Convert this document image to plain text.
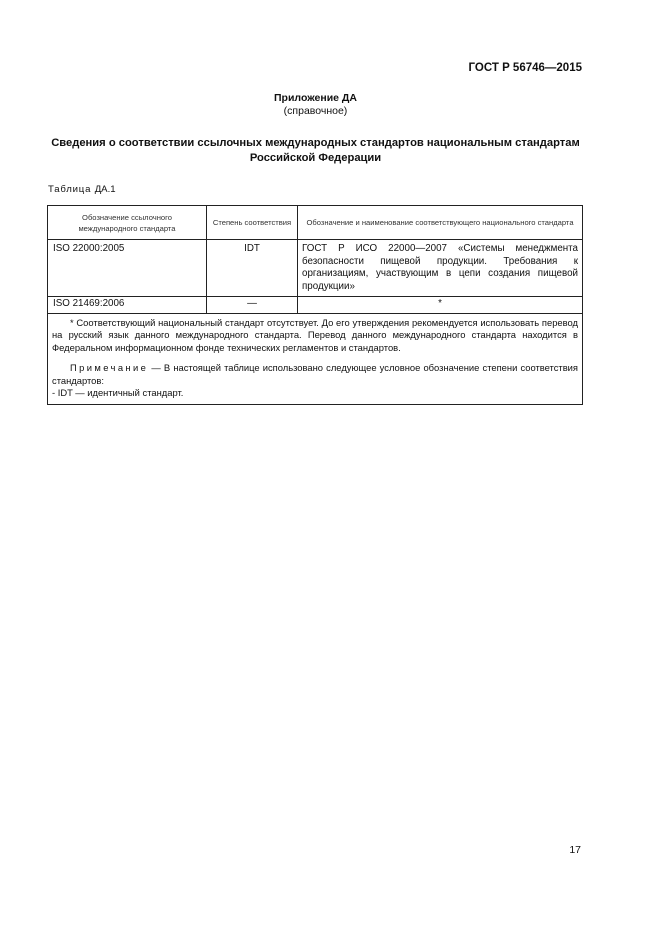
ГОСТ Р 56746—2015
Приложение ДА
(справочное)
Сведения о соответствии ссылочных международных стандартов национальным стандартам
Российской Федерации
Таблица ДА.1
Обозначение ссылочного международного стандарта	Степень соответствия	Обозначение и наименование соответствующего национального стандарта
ISO 22000:2005	IDT	ГОСТ Р ИСО 22000—2007 «Системы менеджмента безопасности пищевой продукции. Требования к организациям, участвующим в цепи создания пищевой продукции»
ISO 21469:2006	—	*

* Соответствующий национальный стандарт отсутствует. До его утверждения рекомендуется использовать перевод на русский язык данного международного стандарта. Перевод данного международного стандарта находится в Федеральном информационном фонде технических регламентов и стандартов.

Примечание — В настоящей таблице использовано следующее условное обозначение степени соответствия стандартов:

- IDT — идентичный стандарт.		

17
